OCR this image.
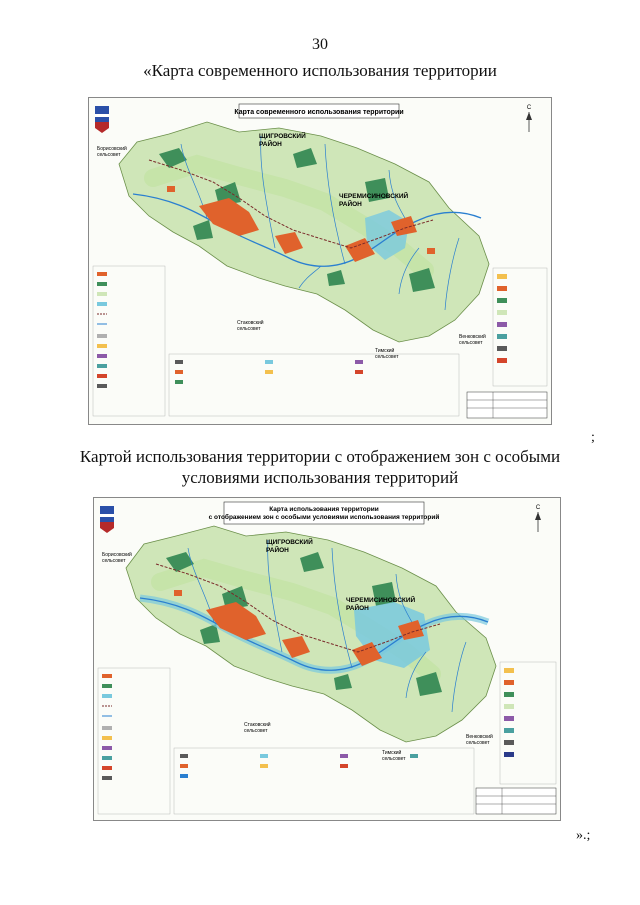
30
«Карта современного использования территории
Карта современного использования территории
С
ЩИГРОВСКИЙ РАЙОН
ЧЕРЕМИСИНОВСКИЙ РАЙОН
Борисовский сельсовет
Стаковский сельсовет
Тимский сельсовет
Венковский сельсовет
;
Картой использования территории с отображением зон с особыми условиями использования территорий
Карта использования территории с отображением зон с особыми условиями использования территорий
С
ЩИГРОВСКИЙ РАЙОН
ЧЕРЕМИСИНОВСКИЙ РАЙОН
Борисовский сельсовет
Стаковский сельсовет
Тимский сельсовет
Венковский сельсовет
».;
